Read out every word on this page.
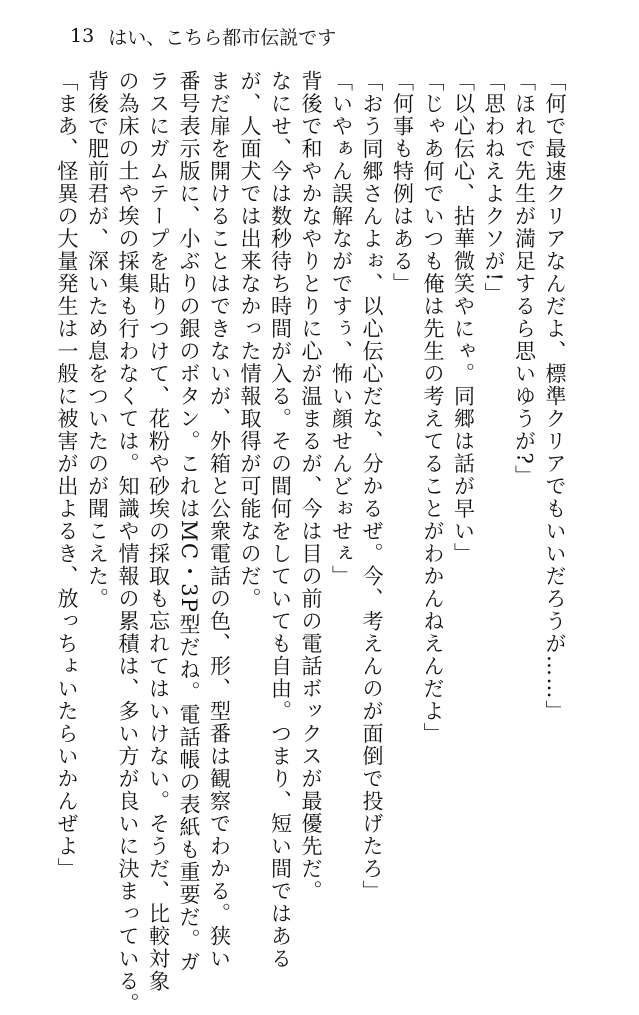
13 はい、こちら都市伝説です
「何で最速クリアなんだよ、標準クリアでもいいだろうが……」
「ほれで先生が満足するら思いゆうが?」
「思わねえよクソが!」
「以心伝心、拈華微笑やにゃ。同郷は話が早い」
「じゃあ何でいつも俺は先生の考えてることがわかんねえんだよ」
「何事も特例はある」
「おう同郷さんよぉ、以心伝心だな、分かるぜ。今、考えんのが面倒で投げたろ」
「いやぁん誤解ながですぅ、怖い顔せんどぉせぇ」
背後で和やかなやりとりに心が温まるが、今は目の前の電話ボックスが最優先だ。
なにせ、今は数秒待ち時間が入る。その間何をしていても自由。つまり、短い間ではある
が、人面犬では出来なかった情報取得が可能なのだ。
まだ扉を開けることはできないが、外箱と公衆電話の色、形、型番は観察でわかる。狭い
番号表示版に、小ぶりの銀のボタン。これはMC・3P型だね。電話帳の表紙も重要だ。ガ
ラスにガムテープを貼りつけて、花粉や砂埃の採取も忘れてはいけない。そうだ、比較対象
の為床の土や埃の採集も行わなくては。知識や情報の累積は、多い方が良いに決まっている。
背後で肥前君が、深いため息をついたのが聞こえた。
「まあ、怪異の大量発生は一般に被害が出よるき、放っちょいたらいかんぜよ」
